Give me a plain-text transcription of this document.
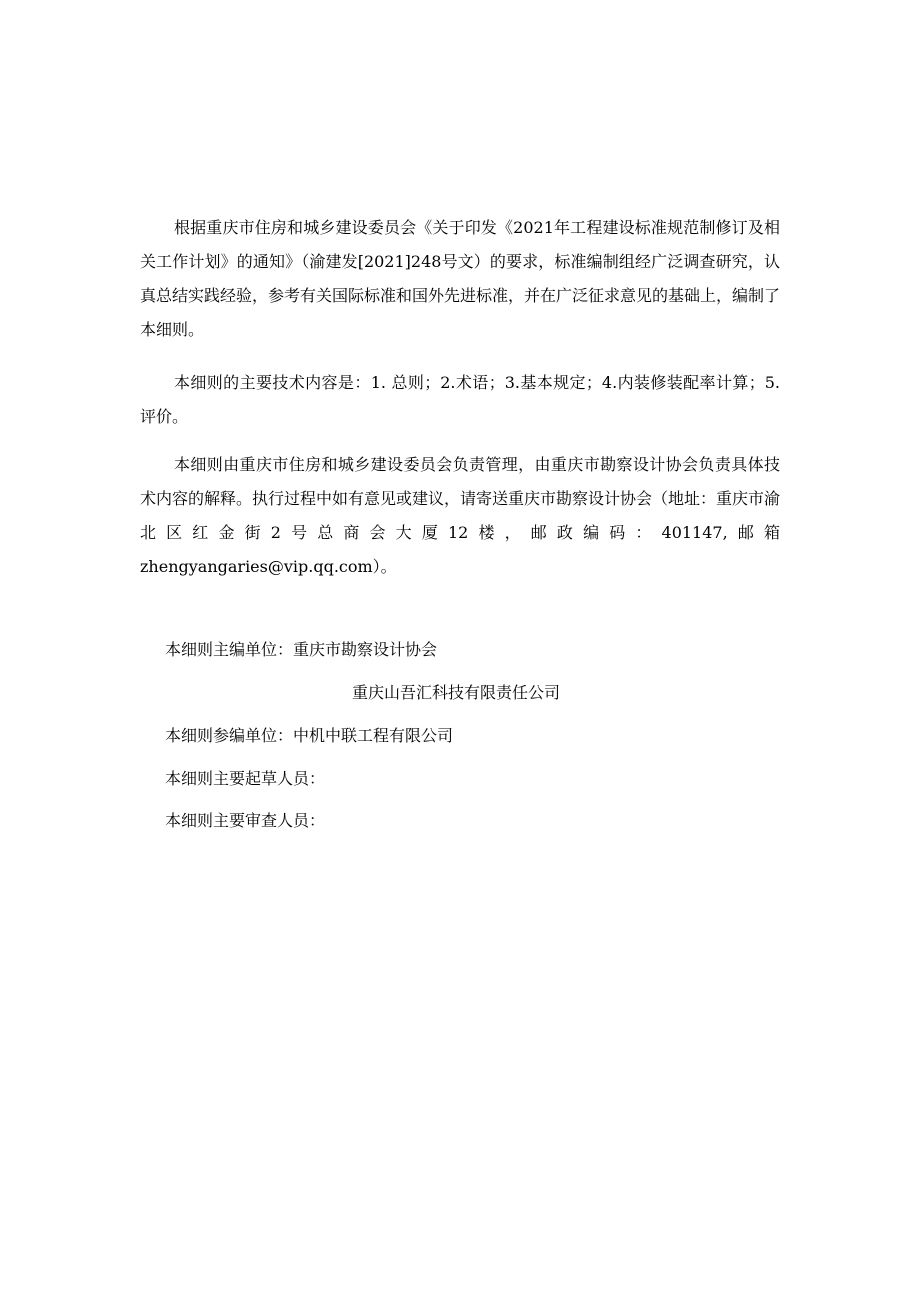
根据重庆市住房和城乡建设委员会《关于印发《2021年工程建设标准规范制修订及相关工作计划》的通知》（渝建发[2021]248号文）的要求，标准编制组经广泛调查研究，认真总结实践经验，参考有关国际标准和国外先进标准，并在广泛征求意见的基础上，编制了本细则。

本细则的主要技术内容是：1. 总则；2.术语；3.基本规定；4.内装修装配率计算；5.评价。

本细则由重庆市住房和城乡建设委员会负责管理，由重庆市勘察设计协会负责具体技术内容的解释。执行过程中如有意见或建议，请寄送重庆市勘察设计协会（地址：重庆市渝北区红金街2号总商会大厦12楼，邮政编码：401147,邮箱zhengyangaries@vip.qq.com）。

本细则主编单位：重庆市勘察设计协会

重庆山吾汇科技有限责任公司

本细则参编单位：中机中联工程有限公司

本细则主要起草人员：

本细则主要审查人员：
